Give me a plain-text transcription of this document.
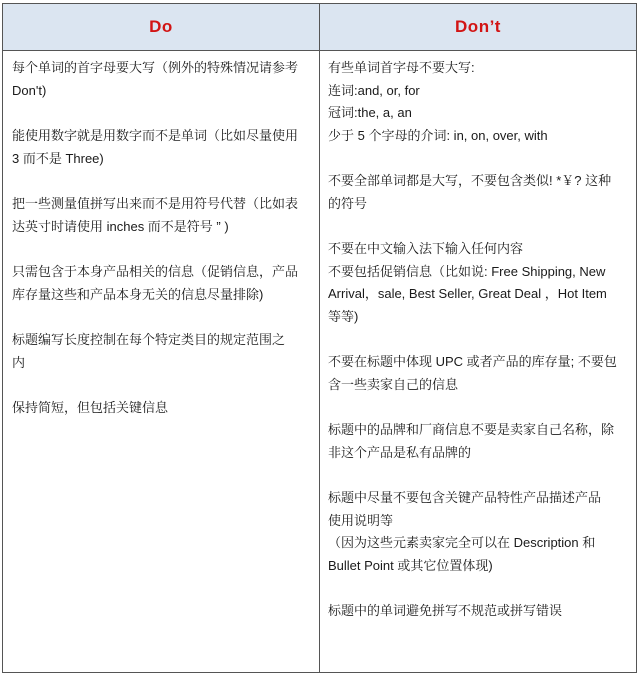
Do	Don’t
每个单词的首字母要大写（例外的特殊情况请参考
Don't)
能使用数字就是用数字而不是单词（比如尽量使用
3 而不是 Three)
把一些测量值拼写出来而不是用符号代替（比如表
达英寸时请使用 inches 而不是符号 ” )
只需包含于本身产品相关的信息（促销信息，产品
库存量这些和产品本身无关的信息尽量排除)
标题编写长度控制在每个特定类目的规定范围之
内
保持简短，但包括关键信息
有些单词首字母不要大写:
连词:and, or, for
冠词:the, a, an
少于 5 个字母的介词: in, on, over, with
不要全部单词都是大写，不要包含类似! *￥? 这种
的符号
不要在中文输入法下输入任何内容
不要包括促销信息（比如说: Free Shipping, New
Arrival，sale, Best Seller, Great Deal ，Hot Item
等等)
不要在标题中体现 UPC 或者产品的库存量; 不要包
含一些卖家自己的信息
标题中的品牌和厂商信息不要是卖家自己名称，除
非这个产品是私有品牌的
标题中尽量不要包含关键产品特性产品描述产品
使用说明等
（因为这些元素卖家完全可以在 Description 和
Bullet Point 或其它位置体现)
标题中的单词避免拼写不规范或拼写错误
